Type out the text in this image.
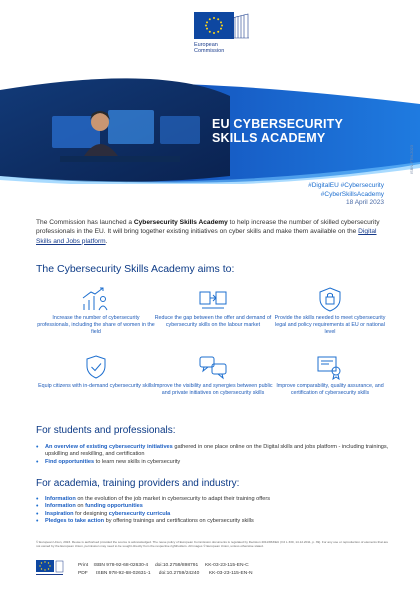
European
Commission
EU CYBERSECURITY
SKILLS ACADEMY
ISBN-FTM-2023
#DigitalEU #Cybersecurity
#CyberSkillsAcademy
18 April 2023
The Commission has launched a Cybersecurity Skills Academy to help increase the number of skilled cybersecurity professionals in the EU. It will bring together existing initiatives on cyber skills and make them available on the Digital Skills and Jobs platform.
The Cybersecurity Skills Academy aims to:
Increase the number of cybersecurity professionals, including the share of women in the field
Reduce the gap between the offer and demand of cybersecurity skills on the labour market
Provide the skills needed to meet cybersecurity legal and policy requirements at EU or national level
Equip citizens with in-demand cybersecurity skills Improve the visibility and synergies between public and private initiatives on cybersecurity skills
Improve comparability, quality assurance, and certification of cybersecurity skills
For students and professionals:
• An overview of existing cybersecurity initiatives gathered in one place online on the Digital skills and jobs platform - including trainings, upskilling and reskilling, and certification
• Find opportunities to learn new skills in cybersecurity
For academia, training providers and industry:
• Information on the evolution of the job market in cybersecurity to adapt their training offers
• Information on funding opportunities
• Inspiration for designing cybersecurity curricula
• Pledges to take action by offering trainings and certifications on cybersecurity skills
© European Union, 2023. Reuse is authorised provided the source is acknowledged. The reuse policy of European Commission documents is regulated by Decision 2011/833/EU (OJ L 330, 14.12.2011, p. 39). For any use or reproduction of elements that are not owned by the European Union, permission may need to be sought directly from the respective rightholders. All images © European Union, unless otherwise stated.
Print ISBN 978-92-68-02630-4 doi:10.2759/898791 KK-03-23-115-EN-C
PDF ISBN 978-92-68-02631-1 doi:10.2759/24240 KK-03-23-115-EN-N
